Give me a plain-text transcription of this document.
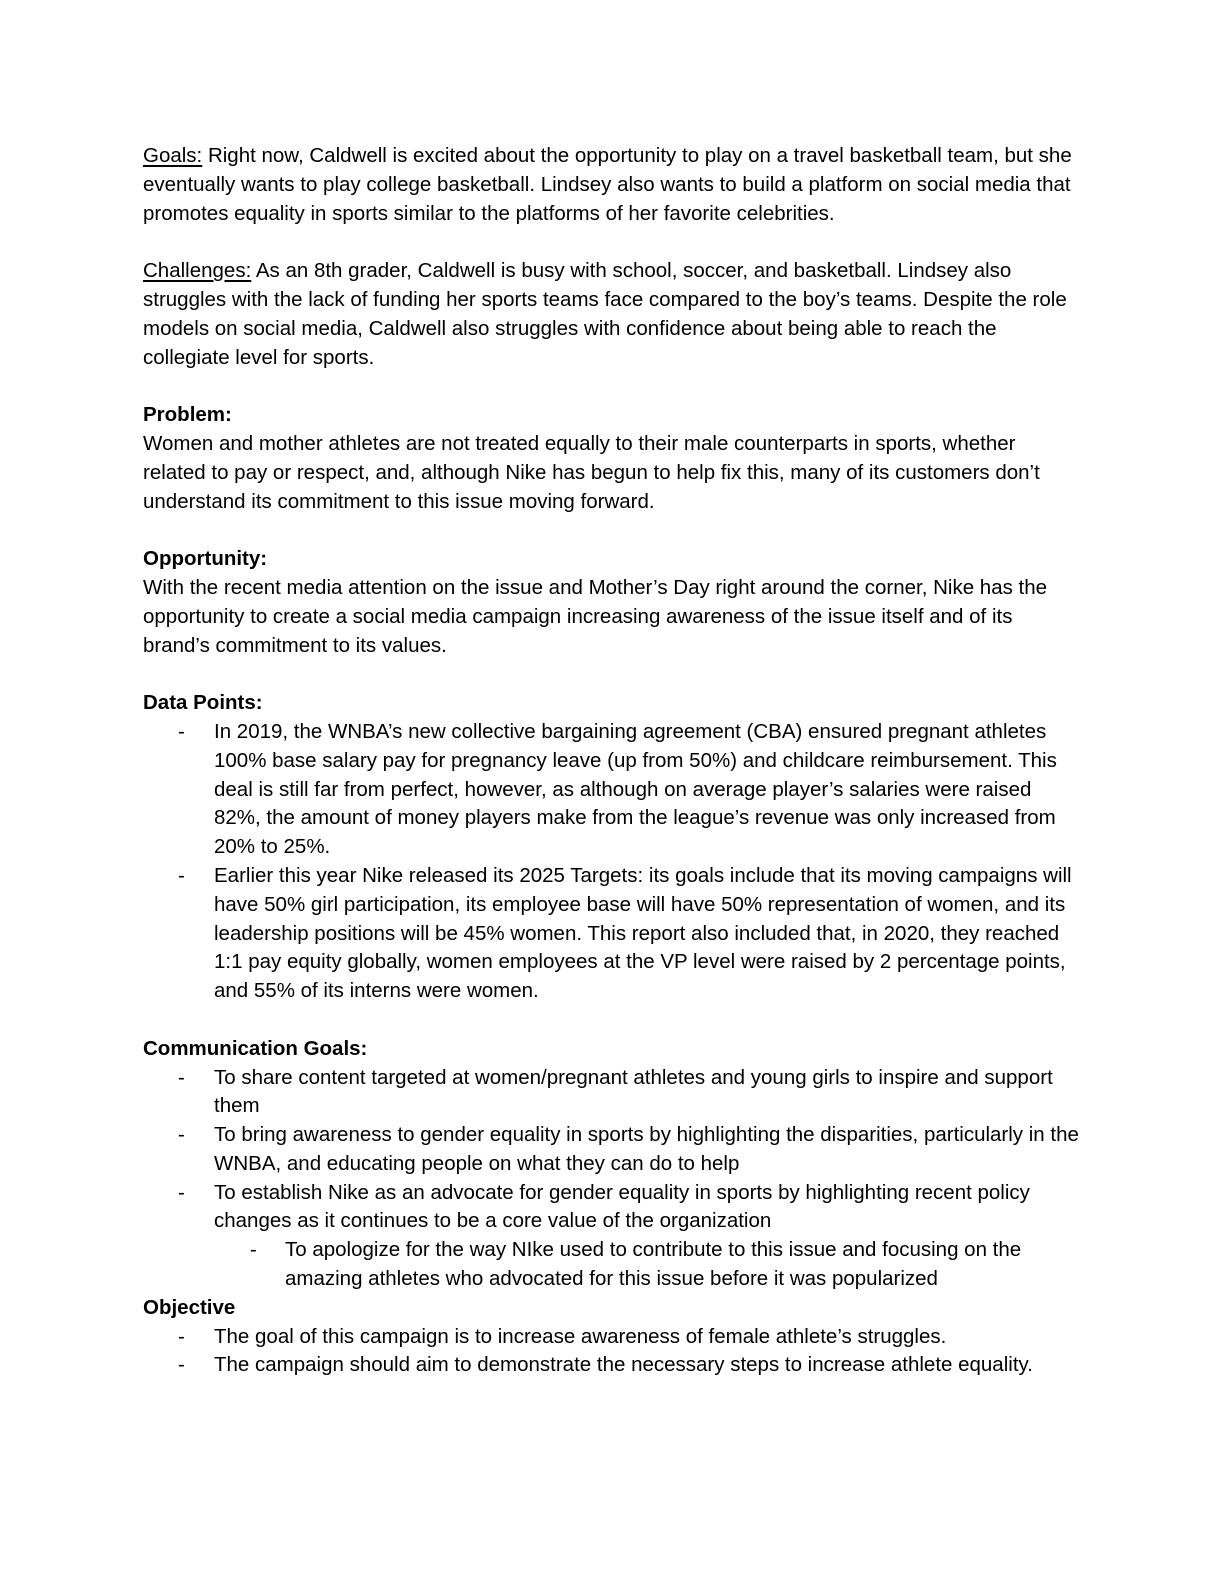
Goals: Right now, Caldwell is excited about the opportunity to play on a travel basketball team, but she eventually wants to play college basketball. Lindsey also wants to build a platform on social media that promotes equality in sports similar to the platforms of her favorite celebrities.

Challenges: As an 8th grader, Caldwell is busy with school, soccer, and basketball. Lindsey also struggles with the lack of funding her sports teams face compared to the boy’s teams. Despite the role models on social media, Caldwell also struggles with confidence about being able to reach the collegiate level for sports.

Problem:

Women and mother athletes are not treated equally to their male counterparts in sports, whether related to pay or respect, and, although Nike has begun to help fix this, many of its customers don’t understand its commitment to this issue moving forward.

Opportunity:

With the recent media attention on the issue and Mother’s Day right around the corner, Nike has the opportunity to create a social media campaign increasing awareness of the issue itself and of its brand’s commitment to its values.

Data Points:

- In 2019, the WNBA’s new collective bargaining agreement (CBA) ensured pregnant athletes 100% base salary pay for pregnancy leave (up from 50%) and childcare reimbursement. This deal is still far from perfect, however, as although on average player’s salaries were raised 82%, the amount of money players make from the league’s revenue was only increased from 20% to 25%.
- Earlier this year Nike released its 2025 Targets: its goals include that its moving campaigns will have 50% girl participation, its employee base will have 50% representation of women, and its leadership positions will be 45% women. This report also included that, in 2020, they reached 1:1 pay equity globally, women employees at the VP level were raised by 2 percentage points, and 55% of its interns were women.

Communication Goals:

- To share content targeted at women/pregnant athletes and young girls to inspire and support them
- To bring awareness to gender equality in sports by highlighting the disparities, particularly in the WNBA, and educating people on what they can do to help
- To establish Nike as an advocate for gender equality in sports by highlighting recent policy changes as it continues to be a core value of the organization
- To apologize for the way NIke used to contribute to this issue and focusing on the amazing athletes who advocated for this issue before it was popularized

Objective

- The goal of this campaign is to increase awareness of female athlete’s struggles.
- The campaign should aim to demonstrate the necessary steps to increase athlete equality.
